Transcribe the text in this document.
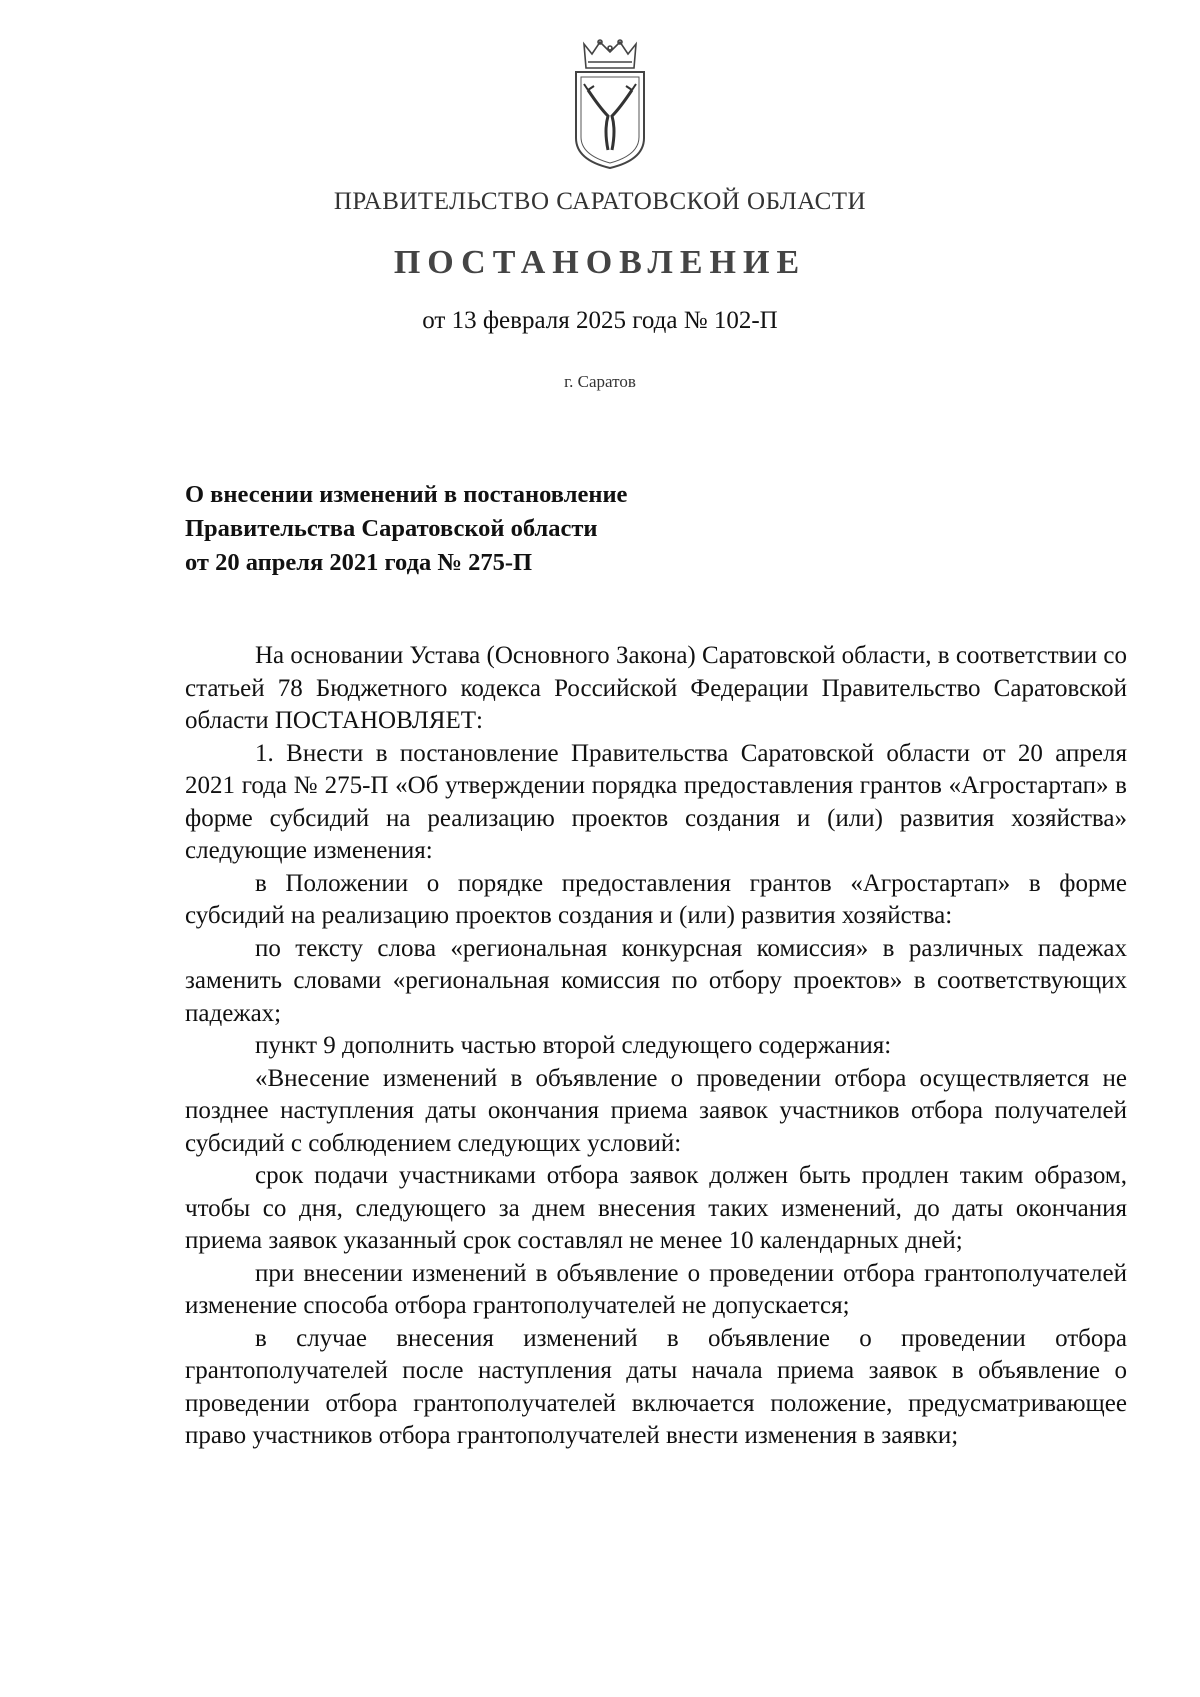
ПРАВИТЕЛЬСТВО САРАТОВСКОЙ ОБЛАСТИ
ПОСТАНОВЛЕНИЕ
от 13 февраля 2025 года № 102-П
г. Саратов
О внесении изменений в постановление
Правительства Саратовской области
от 20 апреля 2021 года № 275-П

На основании Устава (Основного Закона) Саратовской области, в соответствии со статьей 78 Бюджетного кодекса Российской Федерации Правительство Саратовской области ПОСТАНОВЛЯЕТ:

1. Внести в постановление Правительства Саратовской области от 20 апреля 2021 года № 275-П «Об утверждении порядка предоставления грантов «Агростартап» в форме субсидий на реализацию проектов создания и (или) развития хозяйства» следующие изменения:

в Положении о порядке предоставления грантов «Агростартап» в форме субсидий на реализацию проектов создания и (или) развития хозяйства:

по тексту слова «региональная конкурсная комиссия» в различных падежах заменить словами «региональная комиссия по отбору проектов» в соответствующих падежах;

пункт 9 дополнить частью второй следующего содержания:

«Внесение изменений в объявление о проведении отбора осуществляется не позднее наступления даты окончания приема заявок участников отбора получателей субсидий с соблюдением следующих условий:

срок подачи участниками отбора заявок должен быть продлен таким образом, чтобы со дня, следующего за днем внесения таких изменений, до даты окончания приема заявок указанный срок составлял не менее 10 календарных дней;

при внесении изменений в объявление о проведении отбора грантополучателей изменение способа отбора грантополучателей не допускается;

в случае внесения изменений в объявление о проведении отбора грантополучателей после наступления даты начала приема заявок в объявление о проведении отбора грантополучателей включается положение, предусматривающее право участников отбора грантополучателей внести изменения в заявки;
